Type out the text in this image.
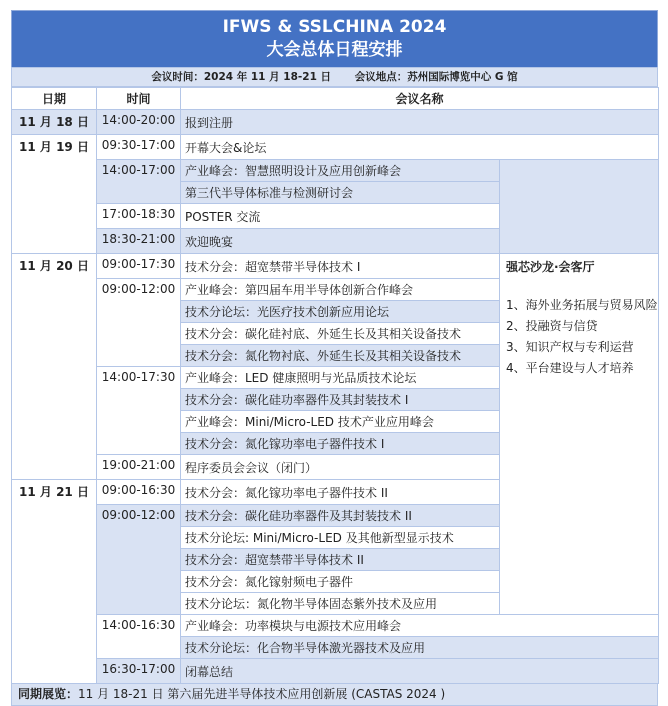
IFWS & SSLCHINA 2024
大会总体日程安排
会议时间：2024 年 11 月 18-21 日 会议地点：苏州国际博览中心 G 馆
日期	时间	会议名称	
11 月 18 日	14:00-20:00	报到注册	
11 月 19 日	09:30-17:00	开幕大会&论坛	
	14:00-17:00	产业峰会：智慧照明设计及应用创新峰会	
		第三代半导体标准与检测研讨会	
	17:00-18:30	POSTER 交流	
	18:30-21:00	欢迎晚宴	
11 月 20 日	09:00-17:30	技术分会：超宽禁带半导体技术 I	强芯沙龙·会客厅
1、海外业务拓展与贸易风险
2、投融资与信贷
3、知识产权与专利运营
4、平台建设与人才培养

	09:00-12:00	产业峰会：第四届车用半导体创新合作峰会	
		技术分论坛：光医疗技术创新应用论坛	
		技术分会：碳化硅衬底、外延生长及其相关设备技术	
		技术分会：氮化物衬底、外延生长及其相关设备技术	
	14:00-17:30	产业峰会：LED 健康照明与光品质技术论坛	
		技术分会：碳化硅功率器件及其封装技术 I	
		产业峰会：Mini/Micro-LED 技术产业应用峰会	
		技术分会：氮化镓功率电子器件技术 I	
	19:00-21:00	程序委员会会议（闭门）	
11 月 21 日	09:00-16:30	技术分会：氮化镓功率电子器件技术 II	
	09:00-12:00	技术分会：碳化硅功率器件及其封装技术 II	
		技术分论坛: Mini/Micro-LED 及其他新型显示技术	
		技术分会：超宽禁带半导体技术 II	
		技术分会：氮化镓射频电子器件	
		技术分论坛：氮化物半导体固态紫外技术及应用	
	14:00-16:30	产业峰会：功率模块与电源技术应用峰会	
		技术分论坛：化合物半导体激光器技术及应用	
	16:30-17:00	闭幕总结	
同期展览：11 月 18-21 日 第六届先进半导体技术应用创新展 (CASTAS 2024 )
